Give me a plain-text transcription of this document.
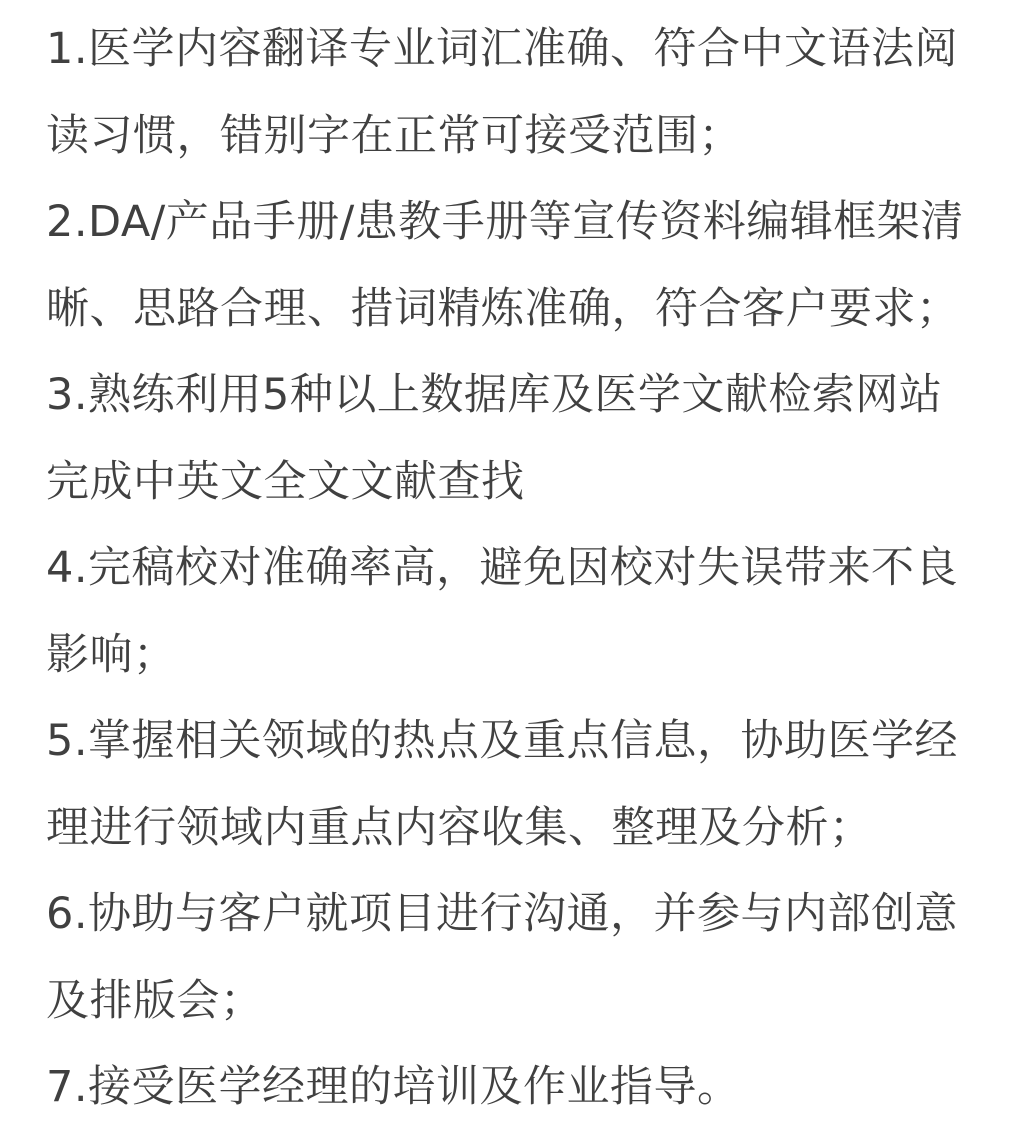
1.医学内容翻译专业词汇准确、符合中文语法阅
读习惯，错别字在正常可接受范围；
2.DA/产品手册/患教手册等宣传资料编辑框架清
晰、思路合理、措词精炼准确，符合客户要求；
3.熟练利用5种以上数据库及医学文献检索网站
完成中英文全文文献查找
4.完稿校对准确率高，避免因校对失误带来不良
影响；
5.掌握相关领域的热点及重点信息，协助医学经
理进行领域内重点内容收集、整理及分析；
6.协助与客户就项目进行沟通，并参与内部创意
及排版会；
7.接受医学经理的培训及作业指导。
